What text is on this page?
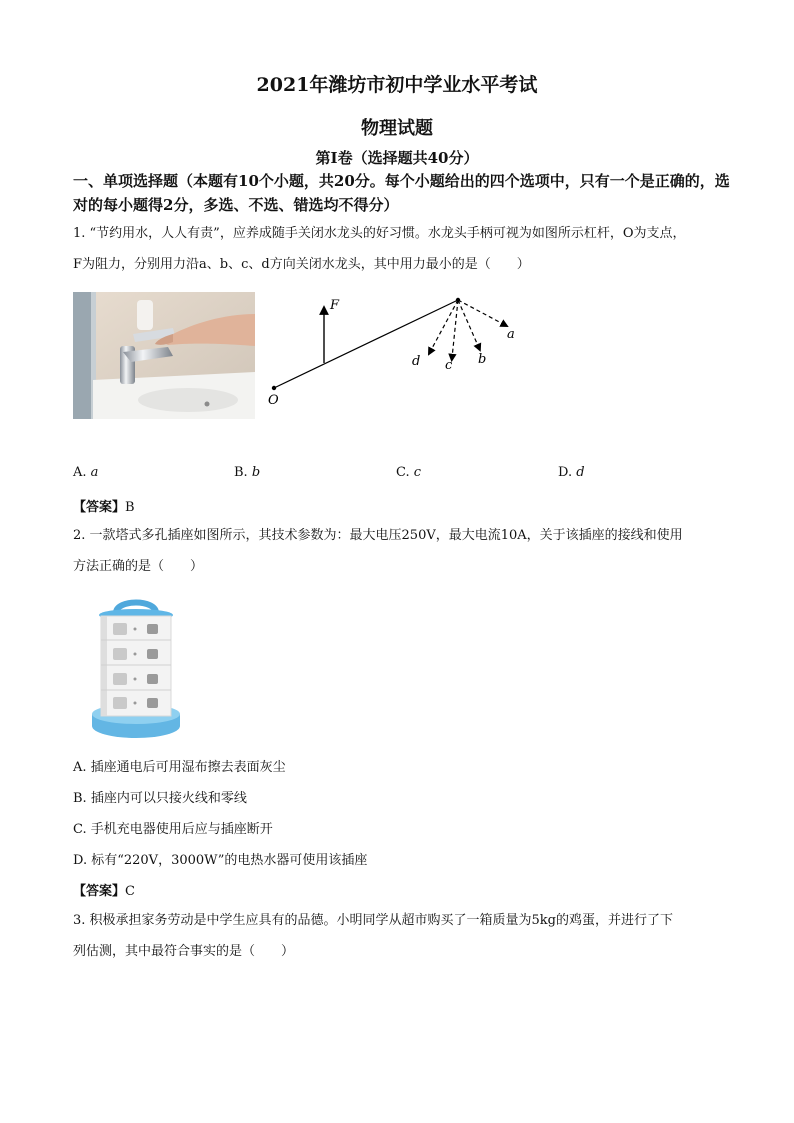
2021年潍坊市初中学业水平考试
物理试题
第I卷（选择题共40分）
一、单项选择题（本题有10个小题，共20分。每个小题给出的四个选项中，只有一个是正确的，选对的每小题得2分，多选、不选、错选均不得分）
1. “节约用水，人人有责”，应养成随手关闭水龙头的好习惯。水龙头手柄可视为如图所示杠杆，O为支点，
F为阻力，分别用力沿a、b、c、d方向关闭水龙头，其中用力最小的是（　　）
F
O
a
b
c
d
A. a	B. b	C. c	D. d
【答案】B
2. 一款塔式多孔插座如图所示，其技术参数为：最大电压250V，最大电流10A，关于该插座的接线和使用
方法正确的是（　　）
A. 插座通电后可用湿布擦去表面灰尘
B. 插座内可以只接火线和零线
C. 手机充电器使用后应与插座断开
D. 标有“220V，3000W”的电热水器可使用该插座
【答案】C
3. 积极承担家务劳动是中学生应具有的品德。小明同学从超市购买了一箱质量为5kg的鸡蛋，并进行了下
列估测，其中最符合事实的是（　　）
